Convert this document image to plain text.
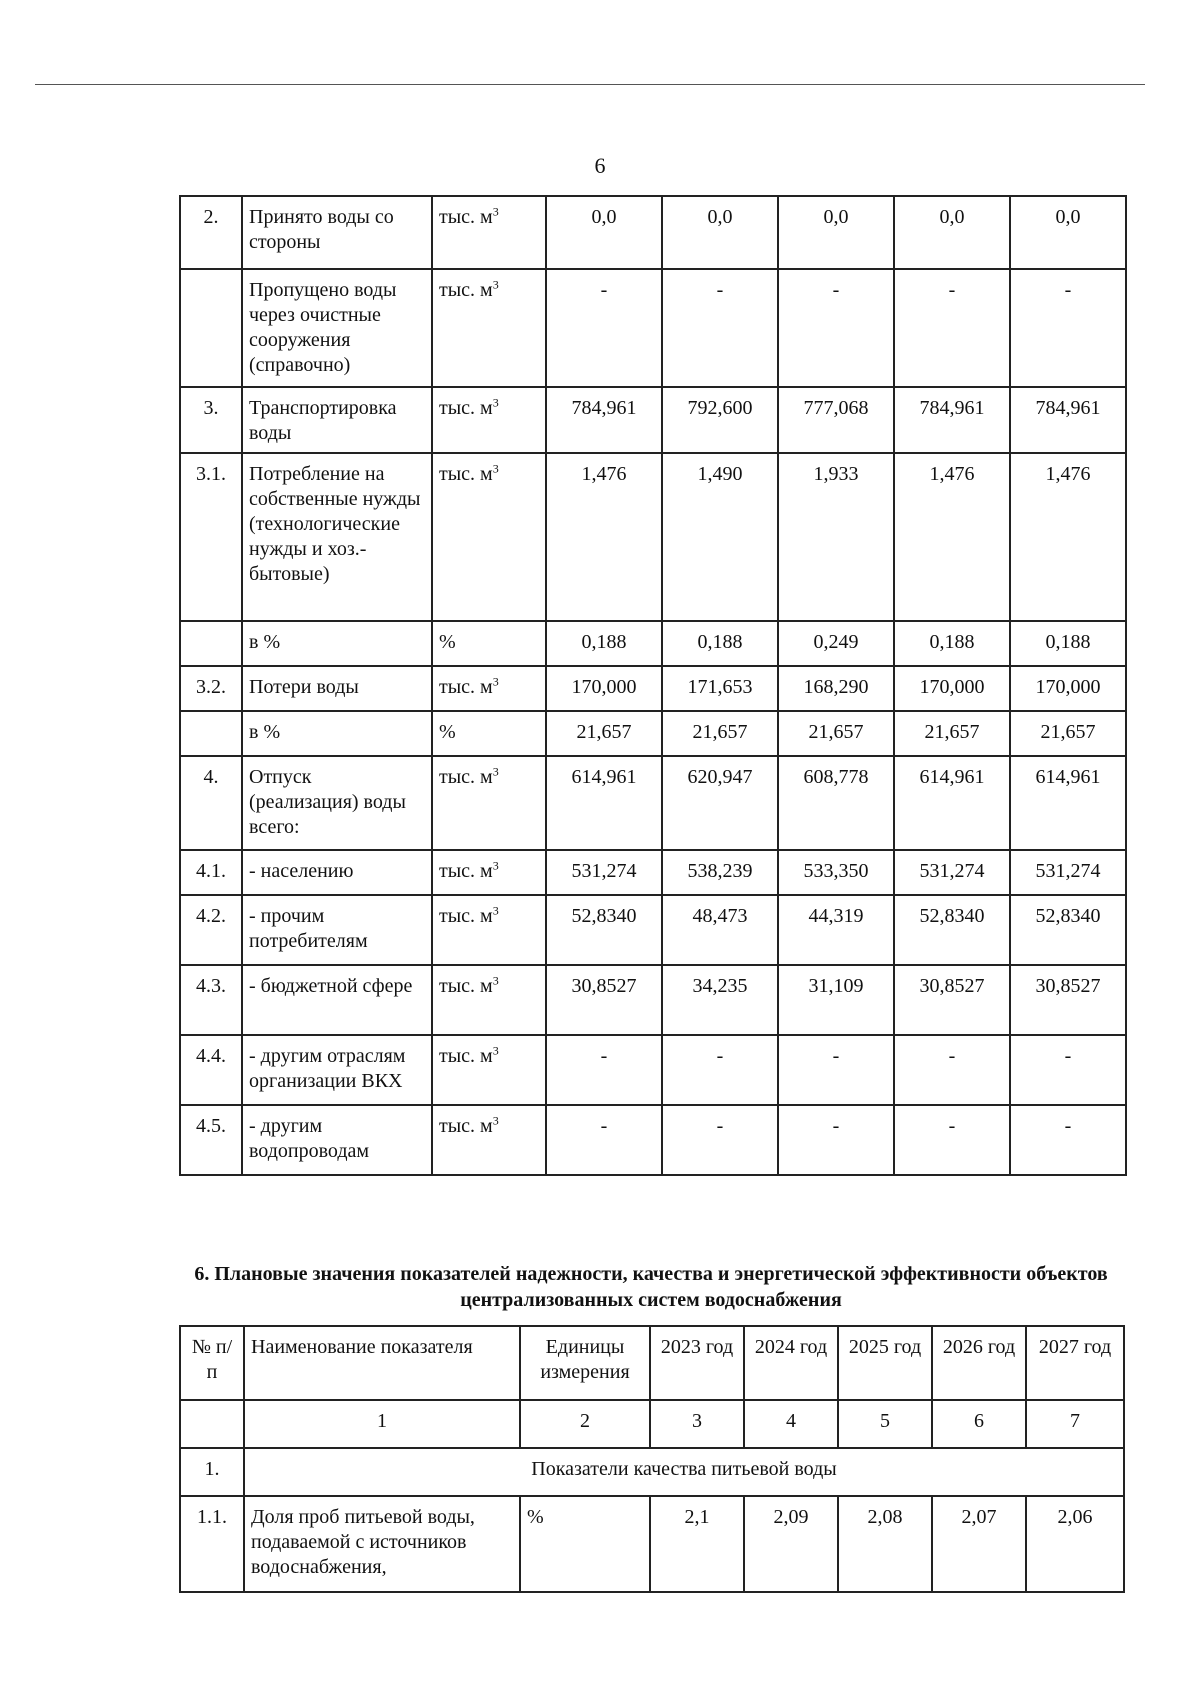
6
2.	Принято воды со стороны	тыс. $м^3$	0,0	0,0	0,0	0,0	0,0
	Пропущено воды через очистные сооружения (справочно)	тыс. $м^3$	-	-	-	-	-
3.	Транспортировка воды	тыс. $м^3$	784,961	792,600	777,068	784,961	784,961
3.1.	Потребление на собственные нужды (технологические нужды и хоз.-бытовые)	тыс. $м^3$	1,476	1,490	1,933	1,476	1,476
	в %	%	0,188	0,188	0,249	0,188	0,188
3.2.	Потери воды	тыс. $м^3$	170,000	171,653	168,290	170,000	170,000
	в %	%	21,657	21,657	21,657	21,657	21,657
4.	Отпуск (реализация) воды всего:	тыс. $м^3$	614,961	620,947	608,778	614,961	614,961
4.1.	- населению	тыс. $м^3$	531,274	538,239	533,350	531,274	531,274
4.2.	- прочим потребителям	тыс. $м^3$	52,8340	48,473	44,319	52,8340	52,8340
4.3.	- бюджетной сфере	тыс. $м^3$	30,8527	34,235	31,109	30,8527	30,8527
4.4.	- другим отраслям организации ВКХ	тыс. $м^3$	-	-	-	-	-
4.5.	- другим водопроводам	тыс. $м^3$	-	-	-	-	-
6. Плановые значения показателей надежности, качества и энергетической эффективности объектов централизованных систем водоснабжения
№ п/п	Наименование показателя	Единицы измерения	2023 год	2024 год	2025 год	2026 год	2027 год
	1	2	3	4	5	6	7
1.	Показатели качества питьевой воды						
1.1.	Доля проб питьевой воды, подаваемой с источников водоснабжения,	%	2,1	2,09	2,08	2,07	2,06
